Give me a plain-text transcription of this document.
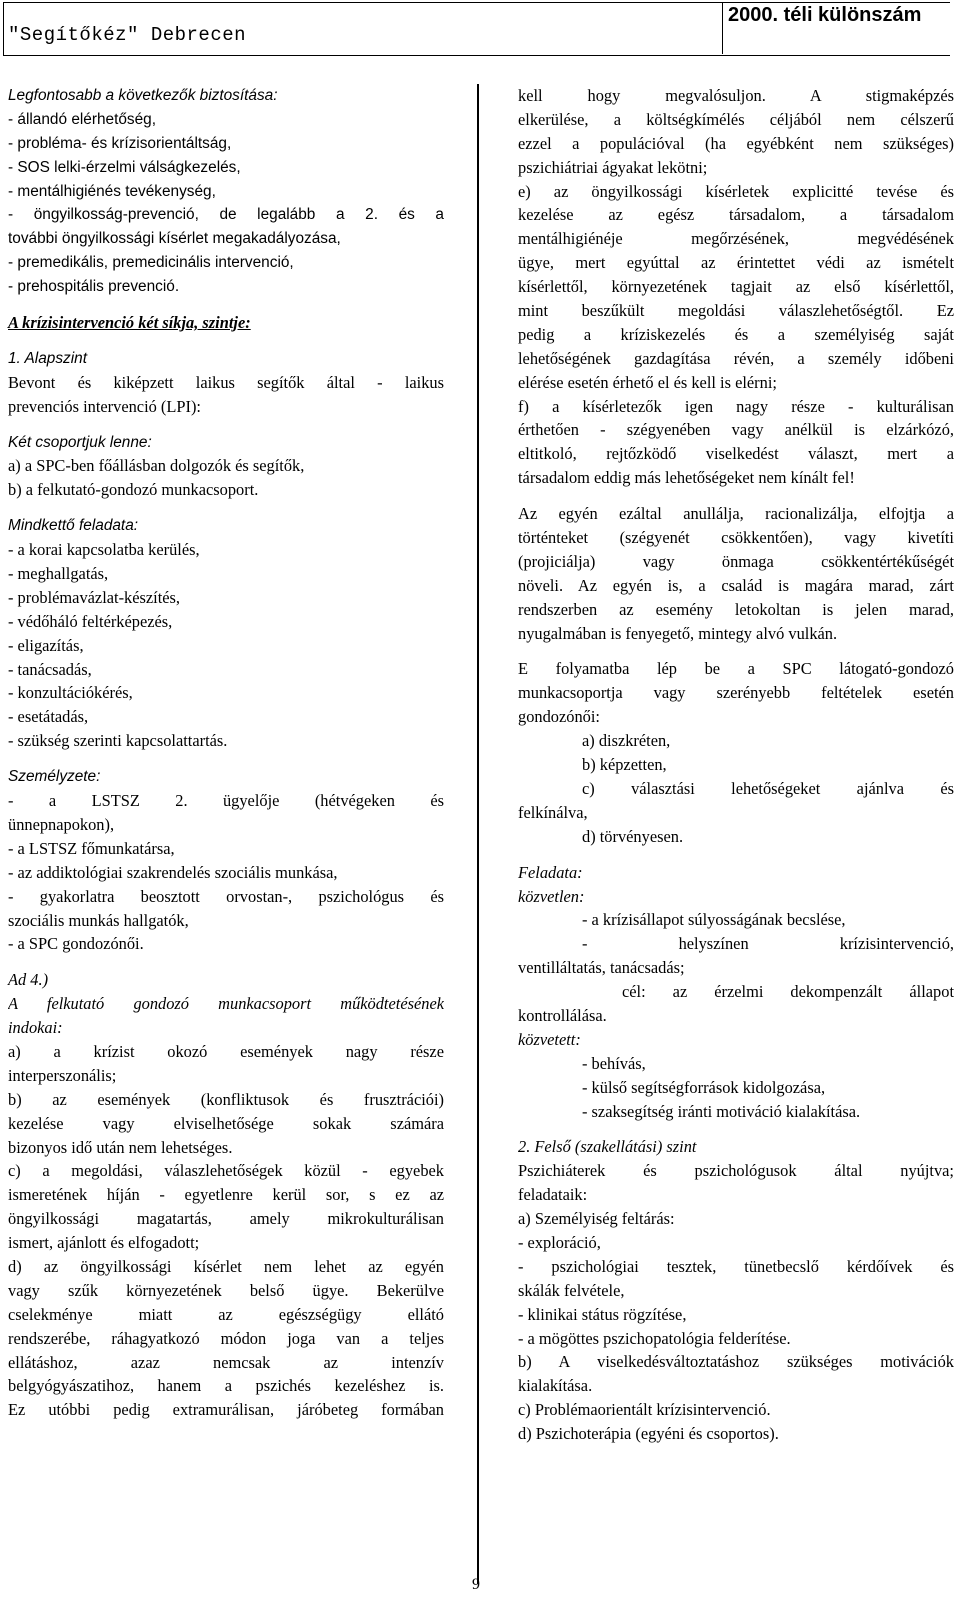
"Segítőkéz" Debrecen
2000. téli különszám
Legfontosabb a következők biztosítása:
- állandó elérhetőség,
- probléma- és krízisorientáltság,
- SOS lelki-érzelmi válságkezelés,
- mentálhigiénés tevékenység,
- öngyilkosság-prevenció, de legalább a 2. és a
további öngyilkossági kísérlet megakadályozása,
- premedikális, premedicinális intervenció,
- prehospitális prevenció.
A krízisintervenció két síkja, szintje:
1. Alapszint
Bevont és kiképzett laikus segítők által - laikus
prevenciós intervenció (LPI):
Két csoportjuk lenne:
a) a SPC-ben főállásban dolgozók és segítők,
b) a felkutató-gondozó munkacsoport.
Mindkettő feladata:
- a korai kapcsolatba kerülés,
- meghallgatás,
- problémavázlat-készítés,
- védőháló feltérképezés,
- eligazítás,
- tanácsadás,
- konzultációkérés,
- esetátadás,
- szükség szerinti kapcsolattartás.
Személyzete:
- a LSTSZ 2. ügyelője (hétvégeken és
ünnepnapokon),
- a LSTSZ főmunkatársa,
- az addiktológiai szakrendelés szociális munkása,
- gyakorlatra beosztott orvostan-, pszichológus és
szociális munkás hallgatók,
- a SPC gondozónői.
Ad 4.)
A felkutató gondozó munkacsoport működtetésének
indokai:
a) a krízist okozó események nagy része
interperszonális;
b) az események (konfliktusok és frusztrációi)
kezelése vagy elviselhetősége sokak számára
bizonyos idő után nem lehetséges.
c) a megoldási, válaszlehetőségek közül - egyebek
ismeretének híján - egyetlenre kerül sor, s ez az
öngyilkossági magatartás, amely mikrokulturálisan
ismert, ajánlott és elfogadott;
d) az öngyilkossági kísérlet nem lehet az egyén
vagy szűk környezetének belső ügye. Bekerülve
cselekménye miatt az egészségügy ellátó
rendszerébe, ráhagyatkozó módon joga van a teljes
ellátáshoz, azaz nemcsak az intenzív
belgyógyászatihoz, hanem a pszichés kezeléshez is.
Ez utóbbi pedig extramurálisan, járóbeteg formában
kell hogy megvalósuljon. A stigmaképzés
elkerülése, a költségkímélés céljából nem célszerű
ezzel a populációval (ha egyébként nem szükséges)
pszichiátriai ágyakat lekötni;
e) az öngyilkossági kísérletek explicitté tevése és
kezelése az egész társadalom, a társadalom
mentálhigiénéje megőrzésének, megvédésének
ügye, mert egyúttal az érintettet védi az ismételt
kísérlettől, környezetének tagjait az első kísérlettől,
mint beszűkült megoldási válaszlehetőségtől. Ez
pedig a kríziskezelés és a személyiség saját
lehetőségének gazdagítása révén, a személy időbeni
elérése esetén érhető el és kell is elérni;
f) a kísérletezők igen nagy része - kulturálisan
érthetően - szégyenében vagy anélkül is elzárkózó,
eltitkoló, rejtőzködő viselkedést választ, mert a
társadalom eddig más lehetőségeket nem kínált fel!
Az egyén ezáltal anullálja, racionalizálja, elfojtja a
történteket (szégyenét csökkentően), vagy kivetíti
(projiciálja) vagy önmaga csökkentértékűségét
növeli. Az egyén is, a család is magára marad, zárt
rendszerben az esemény letokoltan is jelen marad,
nyugalmában is fenyegető, mintegy alvó vulkán.
E folyamatba lép be a SPC látogató-gondozó
munkacsoportja vagy szerényebb feltételek esetén
gondozónői:
a) diszkréten,
b) képzetten,
c) választási lehetőségeket ajánlva és
felkínálva,
d) törvényesen.
Feladata:
közvetlen:
- a krízisállapot súlyosságának becslése,
- helyszínen krízisintervenció,
ventilláltatás, tanácsadás;
cél: az érzelmi dekompenzált állapot
kontrollálása.
közvetett:
- behívás,
- külső segítségforrások kidolgozása,
- szaksegítség iránti motiváció kialakítása.
2. Felső (szakellátási) szint
Pszichiáterek és pszichológusok által nyújtva;
feladataik:
a) Személyiség feltárás:
- exploráció,
- pszichológiai tesztek, tünetbecslő kérdőívek és
skálák felvétele,
- klinikai státus rögzítése,
- a mögöttes pszichopatológia felderítése.
b) A viselkedésváltoztatáshoz szükséges motivációk
kialakítása.
c) Problémaorientált krízisintervenció.
d) Pszichoterápia (egyéni és csoportos).
9
